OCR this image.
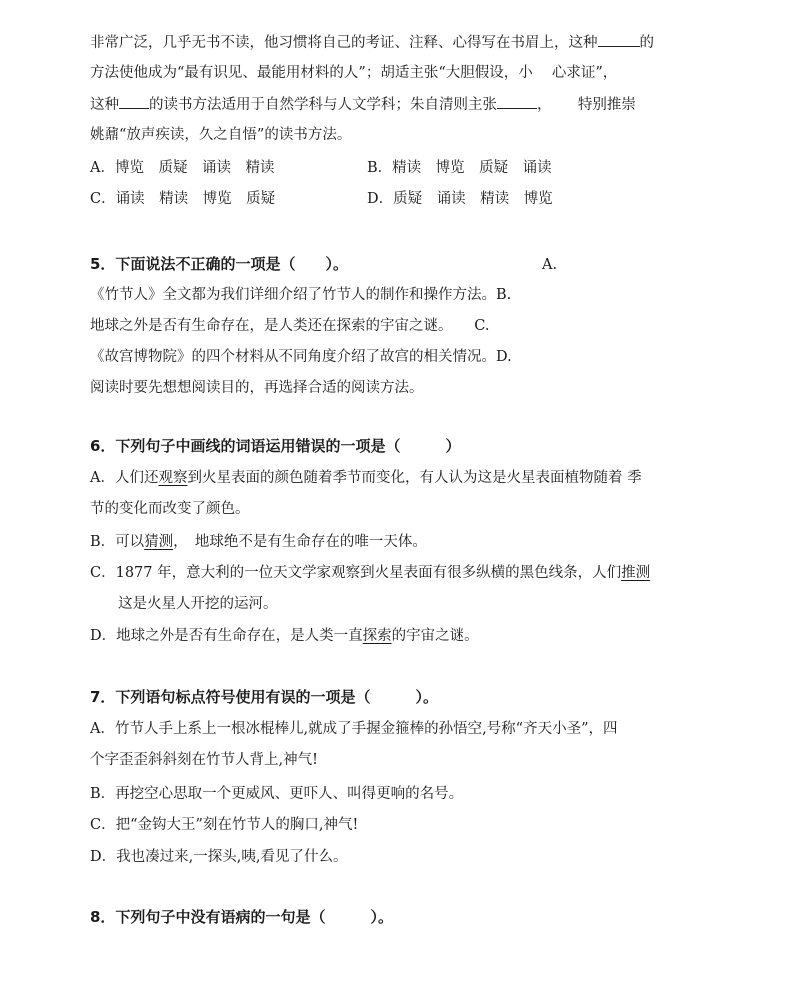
非常广泛，几乎无书不读，他习惯将自己的考证、注释、心得写在书眉上，这种	的
方法使他成为“最有识见、最能用材料的人”；胡适主张“大胆假设，小　 心求证”，
这种 的读书方法适用于自然学科与人文学科；朱自清则主张	，　　 特别推崇
姚鼐“放声疾读，久之自悟”的读书方法。
A．博览　质疑　诵读　精读	B．精读　博览　质疑　诵读
C．诵读　精读　博览　质疑	D．质疑　诵读　精读　博览
5．下面说法不正确的一项是（　　）。	A.
《竹节人》全文都为我们详细介绍了竹节人的制作和操作方法。B.
地球之外是否有生命存在，是人类还在探索的宇宙之谜。　　C.
《故宫博物院》的四个材料从不同角度介绍了故宫的相关情况。D.
阅读时要先想想阅读目的，再选择合适的阅读方法。
6．下列句子中画线的词语运用错误的一项是（　　　）
A．人们还观察到火星表面的颜色随着季节而变化，有人认为这是火星表面植物随着 季
节的变化而改变了颜色。
B．可以猜测，　地球绝不是有生命存在的唯一天体。
C．1877 年，意大利的一位天文学家观察到火星表面有很多纵横的黑色线条，人们推测
这是火星人开挖的运河。
D．地球之外是否有生命存在，是人类一直探索的宇宙之谜。
7．下列语句标点符号使用有误的一项是（　　　）。
A．竹节人手上系上一根冰棍棒儿,就成了手握金箍棒的孙悟空,号称“齐天小圣”，四
个字歪歪斜斜刻在竹节人背上,神气!
B．再挖空心思取一个更威风、更吓人、叫得更响的名号。
C．把“金钩大王”刻在竹节人的胸口,神气!
D．我也凑过来,一探头,咦,看见了什么。
8．下列句子中没有语病的一句是（　　　）。
